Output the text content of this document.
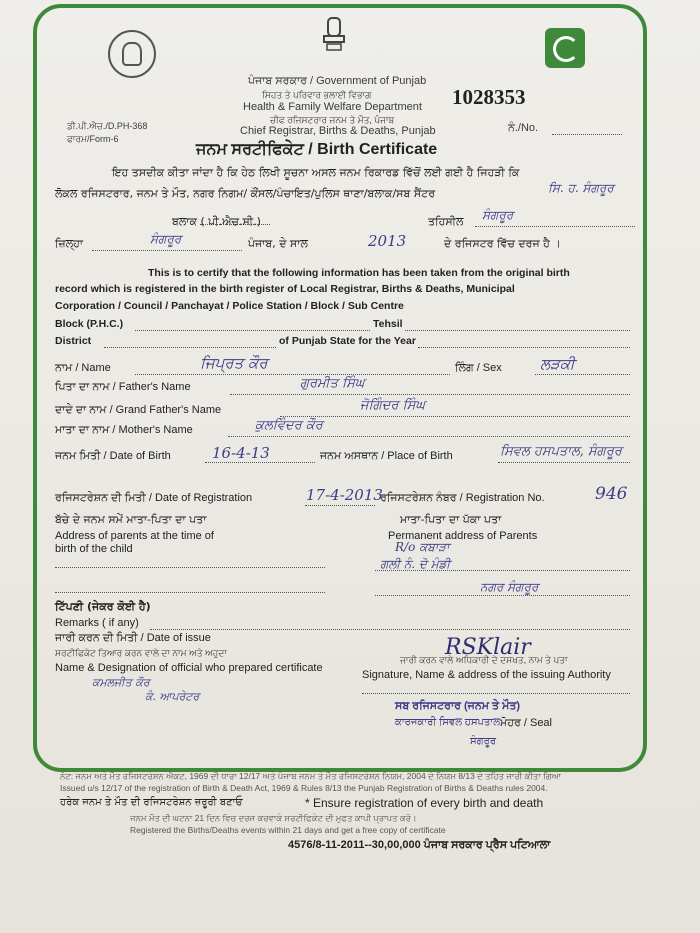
ਪੰਜਾਬ ਸਰਕਾਰ / Government of Punjab
ਸਿਹਤ ਤੇ ਪਰਿਵਾਰ ਭਲਾਈ ਵਿਭਾਗ
Health & Family Welfare Department
ਚੀਫ ਰਜਿਸਟਰਾਰ ਜਨਮ ਤੇ ਮੌਤ, ਪੰਜਾਬ
Chief Registrar, Births & Deaths, Punjab
1028353
ਡੀ.ਪੀ.ਐਚ./D.PH-368
ਫਾਰਮ/Form-6
ਨੰ./No.
ਜਨਮ ਸਰਟੀਫਿਕੇਟ / Birth Certificate
ਇਹ ਤਸਦੀਕ ਕੀਤਾ ਜਾਂਦਾ ਹੈ ਕਿ ਹੇਠ ਲਿਖੀ ਸੂਚਨਾ ਅਸਲ ਜਨਮ ਰਿਕਾਰਡ ਵਿੱਚੋਂ ਲਈ ਗਈ ਹੈ ਜਿਹੜੀ ਕਿ
ਲੋਕਲ ਰਜਿਸਟਰਾਰ, ਜਨਮ ਤੇ ਮੌਤ, ਨਗਰ ਨਿਗਮ/ ਕੌਂਸਲ/ਪੰਚਾਇਤ/ਪੁਲਿਸ ਥਾਣਾ/ਬਲਾਕ/ਸਬ ਸੈਂਟਰ	ਸਿ. ਹ. ਸੰਗਰੂਰ
ਬਲਾਕ ( ਪੀ.ਐਚ.ਸੀ.)	ਤਹਿਸੀਲ ਸੰਗਰੂਰ
ਜ਼ਿਲ੍ਹਾ	ਸੰਗਰੂਰ	ਪੰਜਾਬ, ਦੇ ਸਾਲ	2013	ਦੇ ਰਜਿਸਟਰ ਵਿੱਚ ਦਰਜ ਹੈ ।
This is to certify that the following information has been taken from the original birth
record which is registered in the birth register of Local Registrar, Births & Deaths, Municipal
Corporation / Council / Panchayat / Police Station / Block / Sub Centre
Block (P.H.C.)	Tehsil
District	of Punjab State for the Year
ਨਾਮ / Name	ਜਿਪ੍ਰਤ ਕੌਰ	ਲਿੰਗ / Sex	ਲੜਕੀ
ਪਿਤਾ ਦਾ ਨਾਮ / Father's Name	ਗੁਰਮੀਤ ਸਿੰਘ
ਦਾਦੇ ਦਾ ਨਾਮ / Grand Father's Name	ਜੋਗਿੰਦਰ ਸਿੰਘ
ਮਾਤਾ ਦਾ ਨਾਮ / Mother's Name	ਕੁਲਵਿੰਦਰ ਕੌਰ
ਜਨਮ ਮਿਤੀ / Date of Birth	16-4-13	ਜਨਮ ਅਸਥਾਨ / Place of Birth	ਸਿਵਲ ਹਸਪਤਾਲ, ਸੰਗਰੂਰ
ਰਜਿਸਟਰੇਸ਼ਨ ਦੀ ਮਿਤੀ / Date of Registration	17-4-2013
ਰਜਿਸਟਰੇਸ਼ਨ ਨੰਬਰ / Registration No.	946
ਬੱਚੇ ਦੇ ਜਨਮ ਸਮੇਂ ਮਾਤਾ-ਪਿਤਾ ਦਾ ਪਤਾ
Address of parents at the time of
birth of the child
ਮਾਤਾ-ਪਿਤਾ ਦਾ ਪੱਕਾ ਪਤਾ
Permanent address of Parents
R/o ਕਬਾੜਾ
ਗਲੀ ਨੰ. ਦੋ ਮੰਡੀ
ਨਗਰ ਸੰਗਰੂਰ
ਟਿੱਪਣੀ (ਜੇਕਰ ਕੋਈ ਹੈ)
Remarks ( if any)
ਜਾਰੀ ਕਰਨ ਦੀ ਮਿਤੀ / Date of issue
ਸਰਟੀਫਿਕੇਟ ਤਿਆਰ ਕਰਨ ਵਾਲੇ ਦਾ ਨਾਮ ਅਤੇ ਅਹੁਦਾ
Name & Designation of official who prepared certificate
ਕਮਲਜੀਤ ਕੌਰ
ਕੰ. ਆਪਰੇਟਰ
RSKlair
ਜਾਰੀ ਕਰਨ ਵਾਲੇ ਅਧਿਕਾਰੀ ਦੇ ਦਸਖਤ, ਨਾਮ ਤੇ ਪਤਾ
Signature, Name & address of the issuing Authority
ਸਬ ਰਜਿਸਟਰਾਰ (ਜਨਮ ਤੇ ਮੌਤ)
ਕਾਰਜਕਾਰੀ ਸਿਵਲ ਹਸਪਤਾਲ ਮੋਹਰ / Seal
ਸੰਗਰੂਰ
ਨੋਟ: ਜਨਮ ਅਤੇ ਮੌਤ ਰਜਿਸਟਰੇਸ਼ਨ ਐਕਟ, 1969 ਦੀ ਧਾਰਾ 12/17 ਅਤੇ ਪੰਜਾਬ ਜਨਮ ਤੇ ਮੌਤ ਰਜਿਸਟਰੇਸ਼ਨ ਨਿਯਮ, 2004 ਦੇ ਨਿਯਮ 8/13 ਦੇ ਤਹਿਤ ਜਾਰੀ ਕੀਤਾ ਗਿਆ
Issued u/s 12/17 of the registration of Birth & Death Act, 1969 & Rules 8/13 the Punjab Registration of Births & Deaths rules 2004.
ਹਰੇਕ ਜਨਮ ਤੇ ਮੌਤ ਦੀ ਰਜਿਸਟਰੇਸ਼ਨ ਜ਼ਰੂਰੀ ਬਣਾਓ	* Ensure registration of every birth and death
ਜਨਮ ਮੌਤ ਦੀ ਘਟਨਾ 21 ਦਿਨ ਵਿਚ ਦਰਜ ਕਰਵਾਕੇ ਸਰਟੀਫਿਕੇਟ ਦੀ ਮੁਫਤ ਕਾਪੀ ਪ੍ਰਾਪਤ ਕਰੋ।
Registered the Births/Deaths events within 21 days and get a free copy of certificate
4576/8-11-2011--30,00,000 ਪੰਜਾਬ ਸਰਕਾਰ ਪ੍ਰੈਸ ਪਟਿਆਲਾ
